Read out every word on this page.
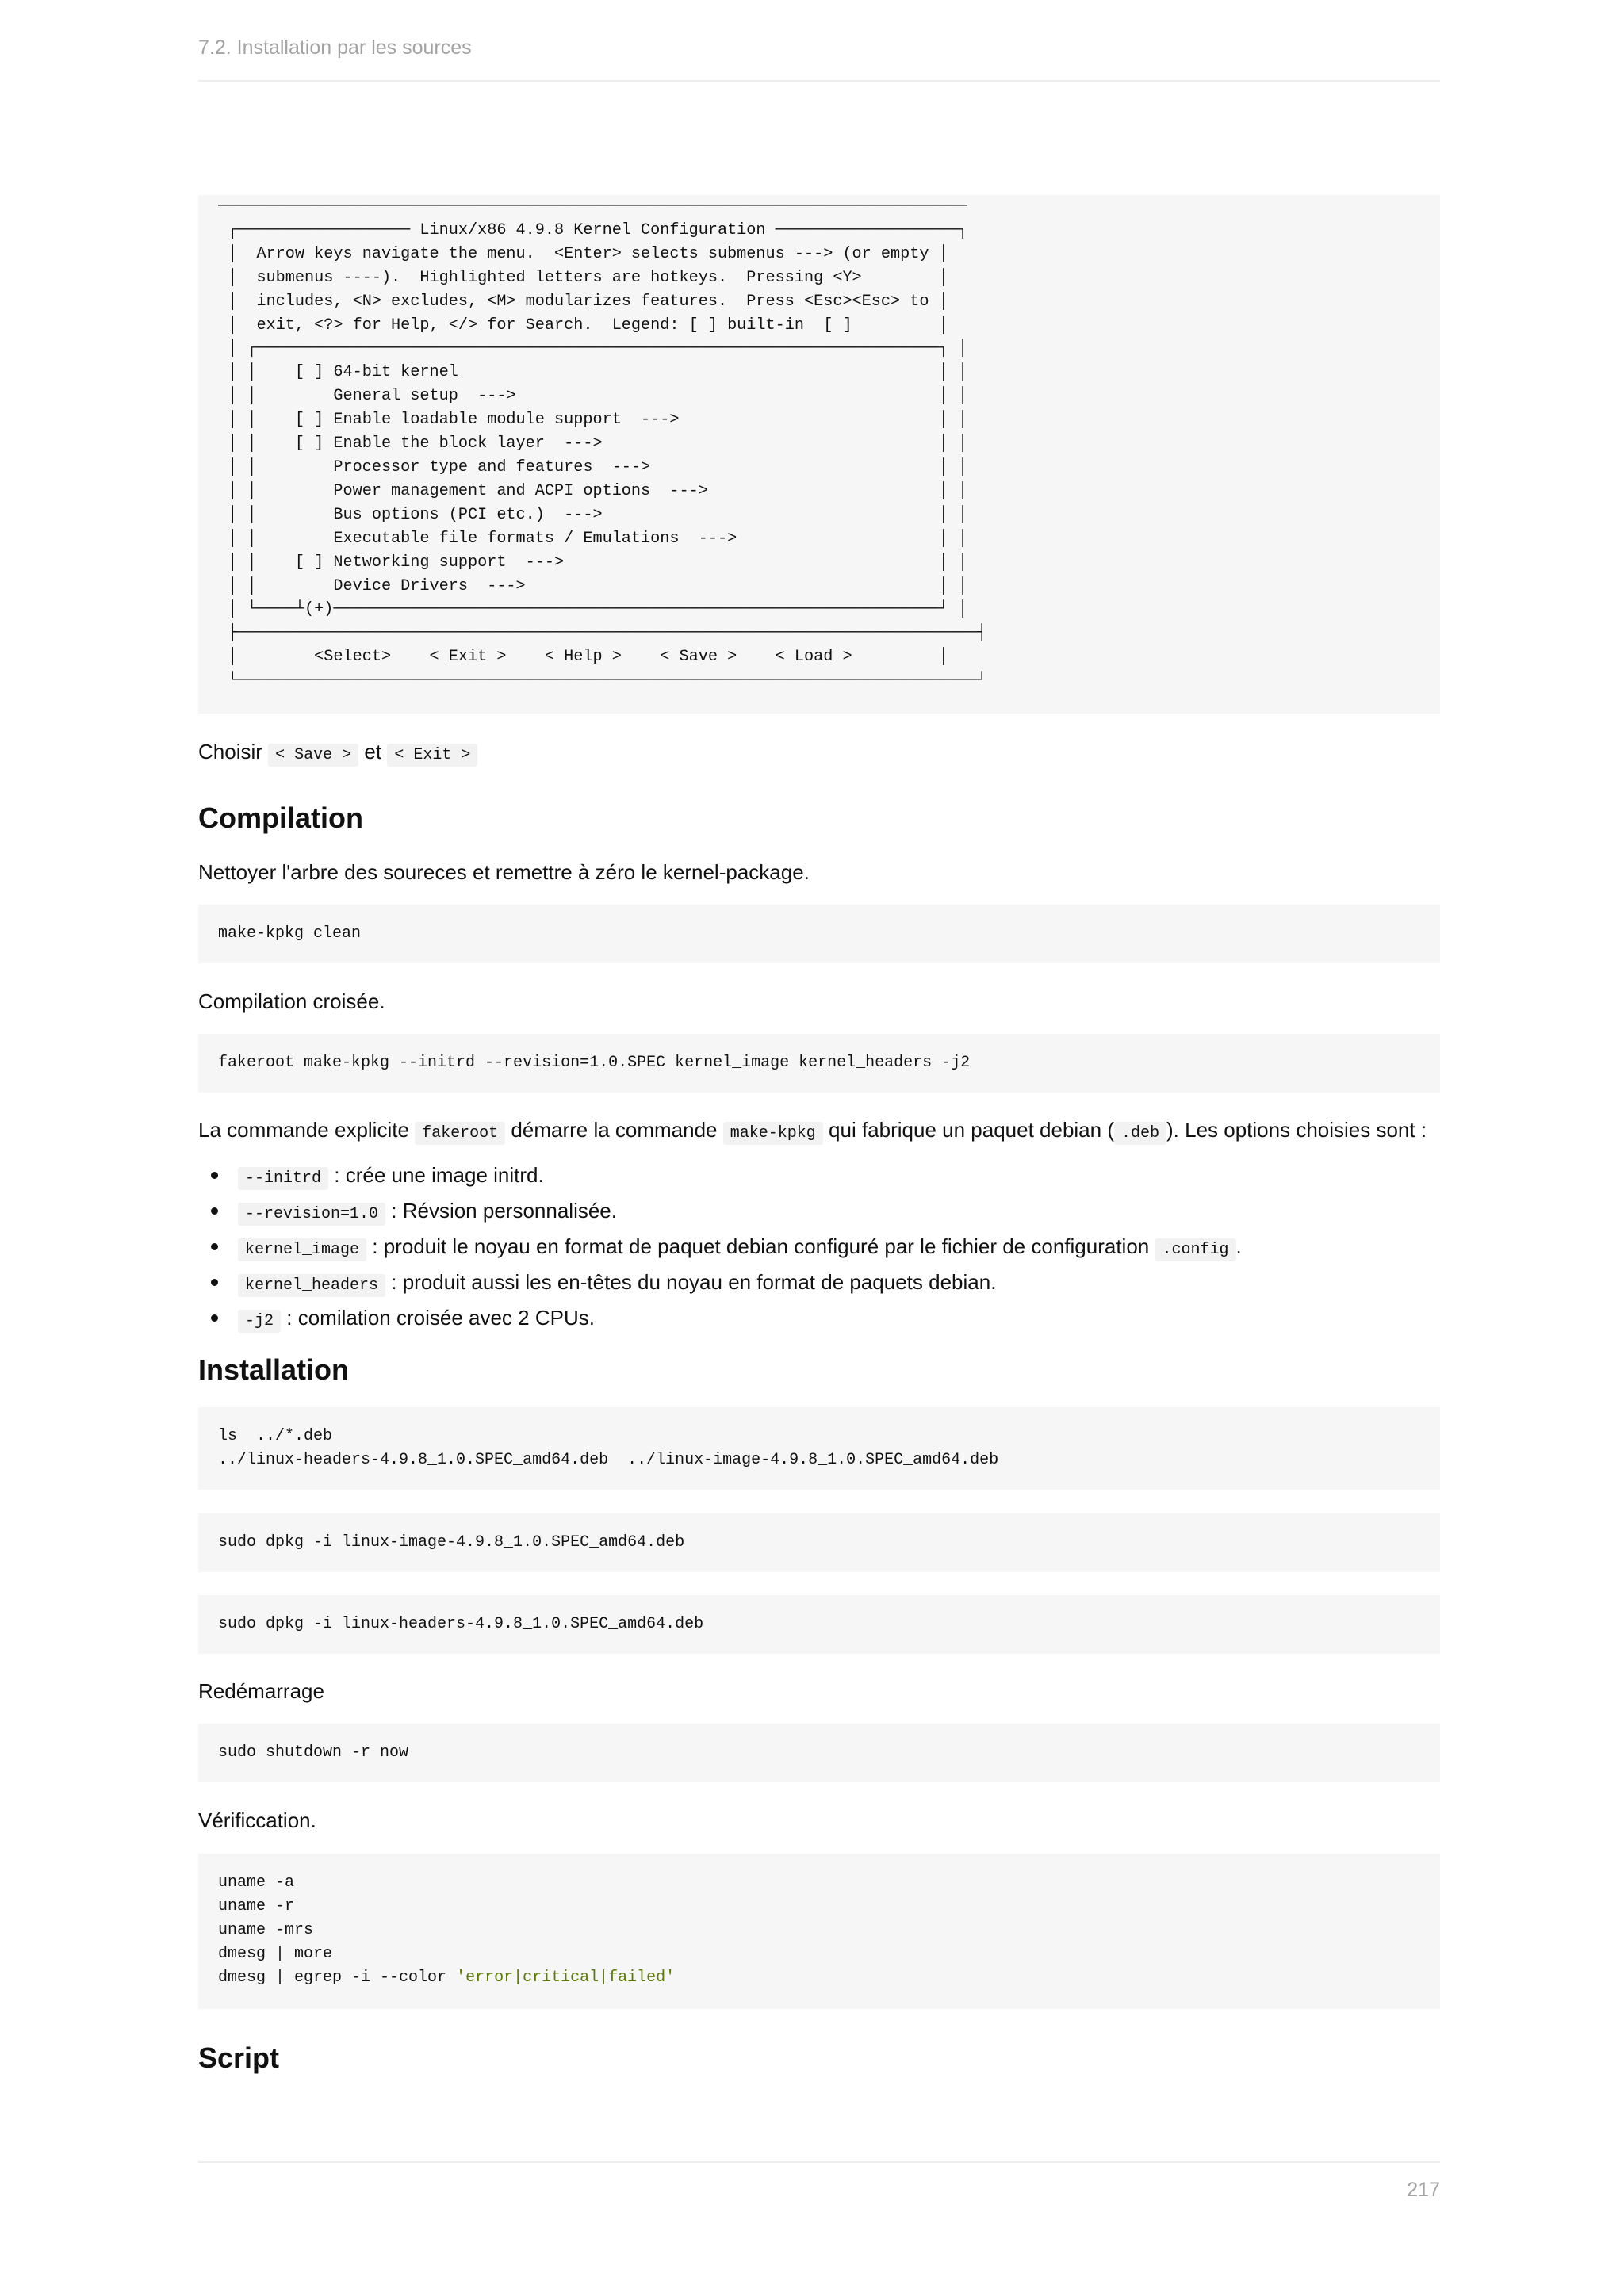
7.2. Installation par les sources
──────────────────────────────────────────────────────────────────────────────
┌────────────────── Linux/x86 4.9.8 Kernel Configuration ───────────────────┐
│  Arrow keys navigate the menu.  <Enter> selects submenus ---> (or empty │
│  submenus ----).  Highlighted letters are hotkeys.  Pressing <Y>        │
│  includes, <N> excludes, <M> modularizes features.  Press <Esc><Esc> to │
│  exit, <?> for Help, </> for Search.  Legend: [ ] built-in  [ ]         │
│ ┌───────────────────────────────────────────────────────────────────────┐ │
│ │    [ ] 64-bit kernel                                                  │ │
│ │        General setup  --->                                            │ │
│ │    [ ] Enable loadable module support  --->                           │ │
│ │    [ ] Enable the block layer  --->                                   │ │
│ │        Processor type and features  --->                              │ │
│ │        Power management and ACPI options  --->                        │ │
│ │        Bus options (PCI etc.)  --->                                   │ │
│ │        Executable file formats / Emulations  --->                     │ │
│ │    [ ] Networking support  --->                                       │ │
│ │        Device Drivers  --->                                           │ │
│ └────┴(+)───────────────────────────────────────────────────────────────┘ │
├─────────────────────────────────────────────────────────────────────────────┤
│        <Select>    < Exit >    < Help >    < Save >    < Load >         │
└─────────────────────────────────────────────────────────────────────────────┘
Choisir < Save > et < Exit >
Compilation
Nettoyer l'arbre des soureces et remettre à zéro le kernel-package.
make-kpkg clean
Compilation croisée.
fakeroot make-kpkg --initrd --revision=1.0.SPEC kernel_image kernel_headers -j2
La commande explicite fakeroot démarre la commande make-kpkg qui fabrique un paquet debian ( .deb ). Les options choisies sont :
--initrd : crée une image initrd.
--revision=1.0 : Révsion personnalisée.
kernel_image : produit le noyau en format de paquet debian configuré par le fichier de configuration .config .
kernel_headers : produit aussi les en-têtes du noyau en format de paquets debian.
-j2 : comilation croisée avec 2 CPUs.
Installation
ls  ../*.deb
../linux-headers-4.9.8_1.0.SPEC_amd64.deb  ../linux-image-4.9.8_1.0.SPEC_amd64.deb
sudo dpkg -i linux-image-4.9.8_1.0.SPEC_amd64.deb
sudo dpkg -i linux-headers-4.9.8_1.0.SPEC_amd64.deb
Redémarrage
sudo shutdown -r now
Vérificcation.
uname -a
uname -r
uname -mrs
dmesg | more
dmesg | egrep -i --color 'error|critical|failed'
Script
217
